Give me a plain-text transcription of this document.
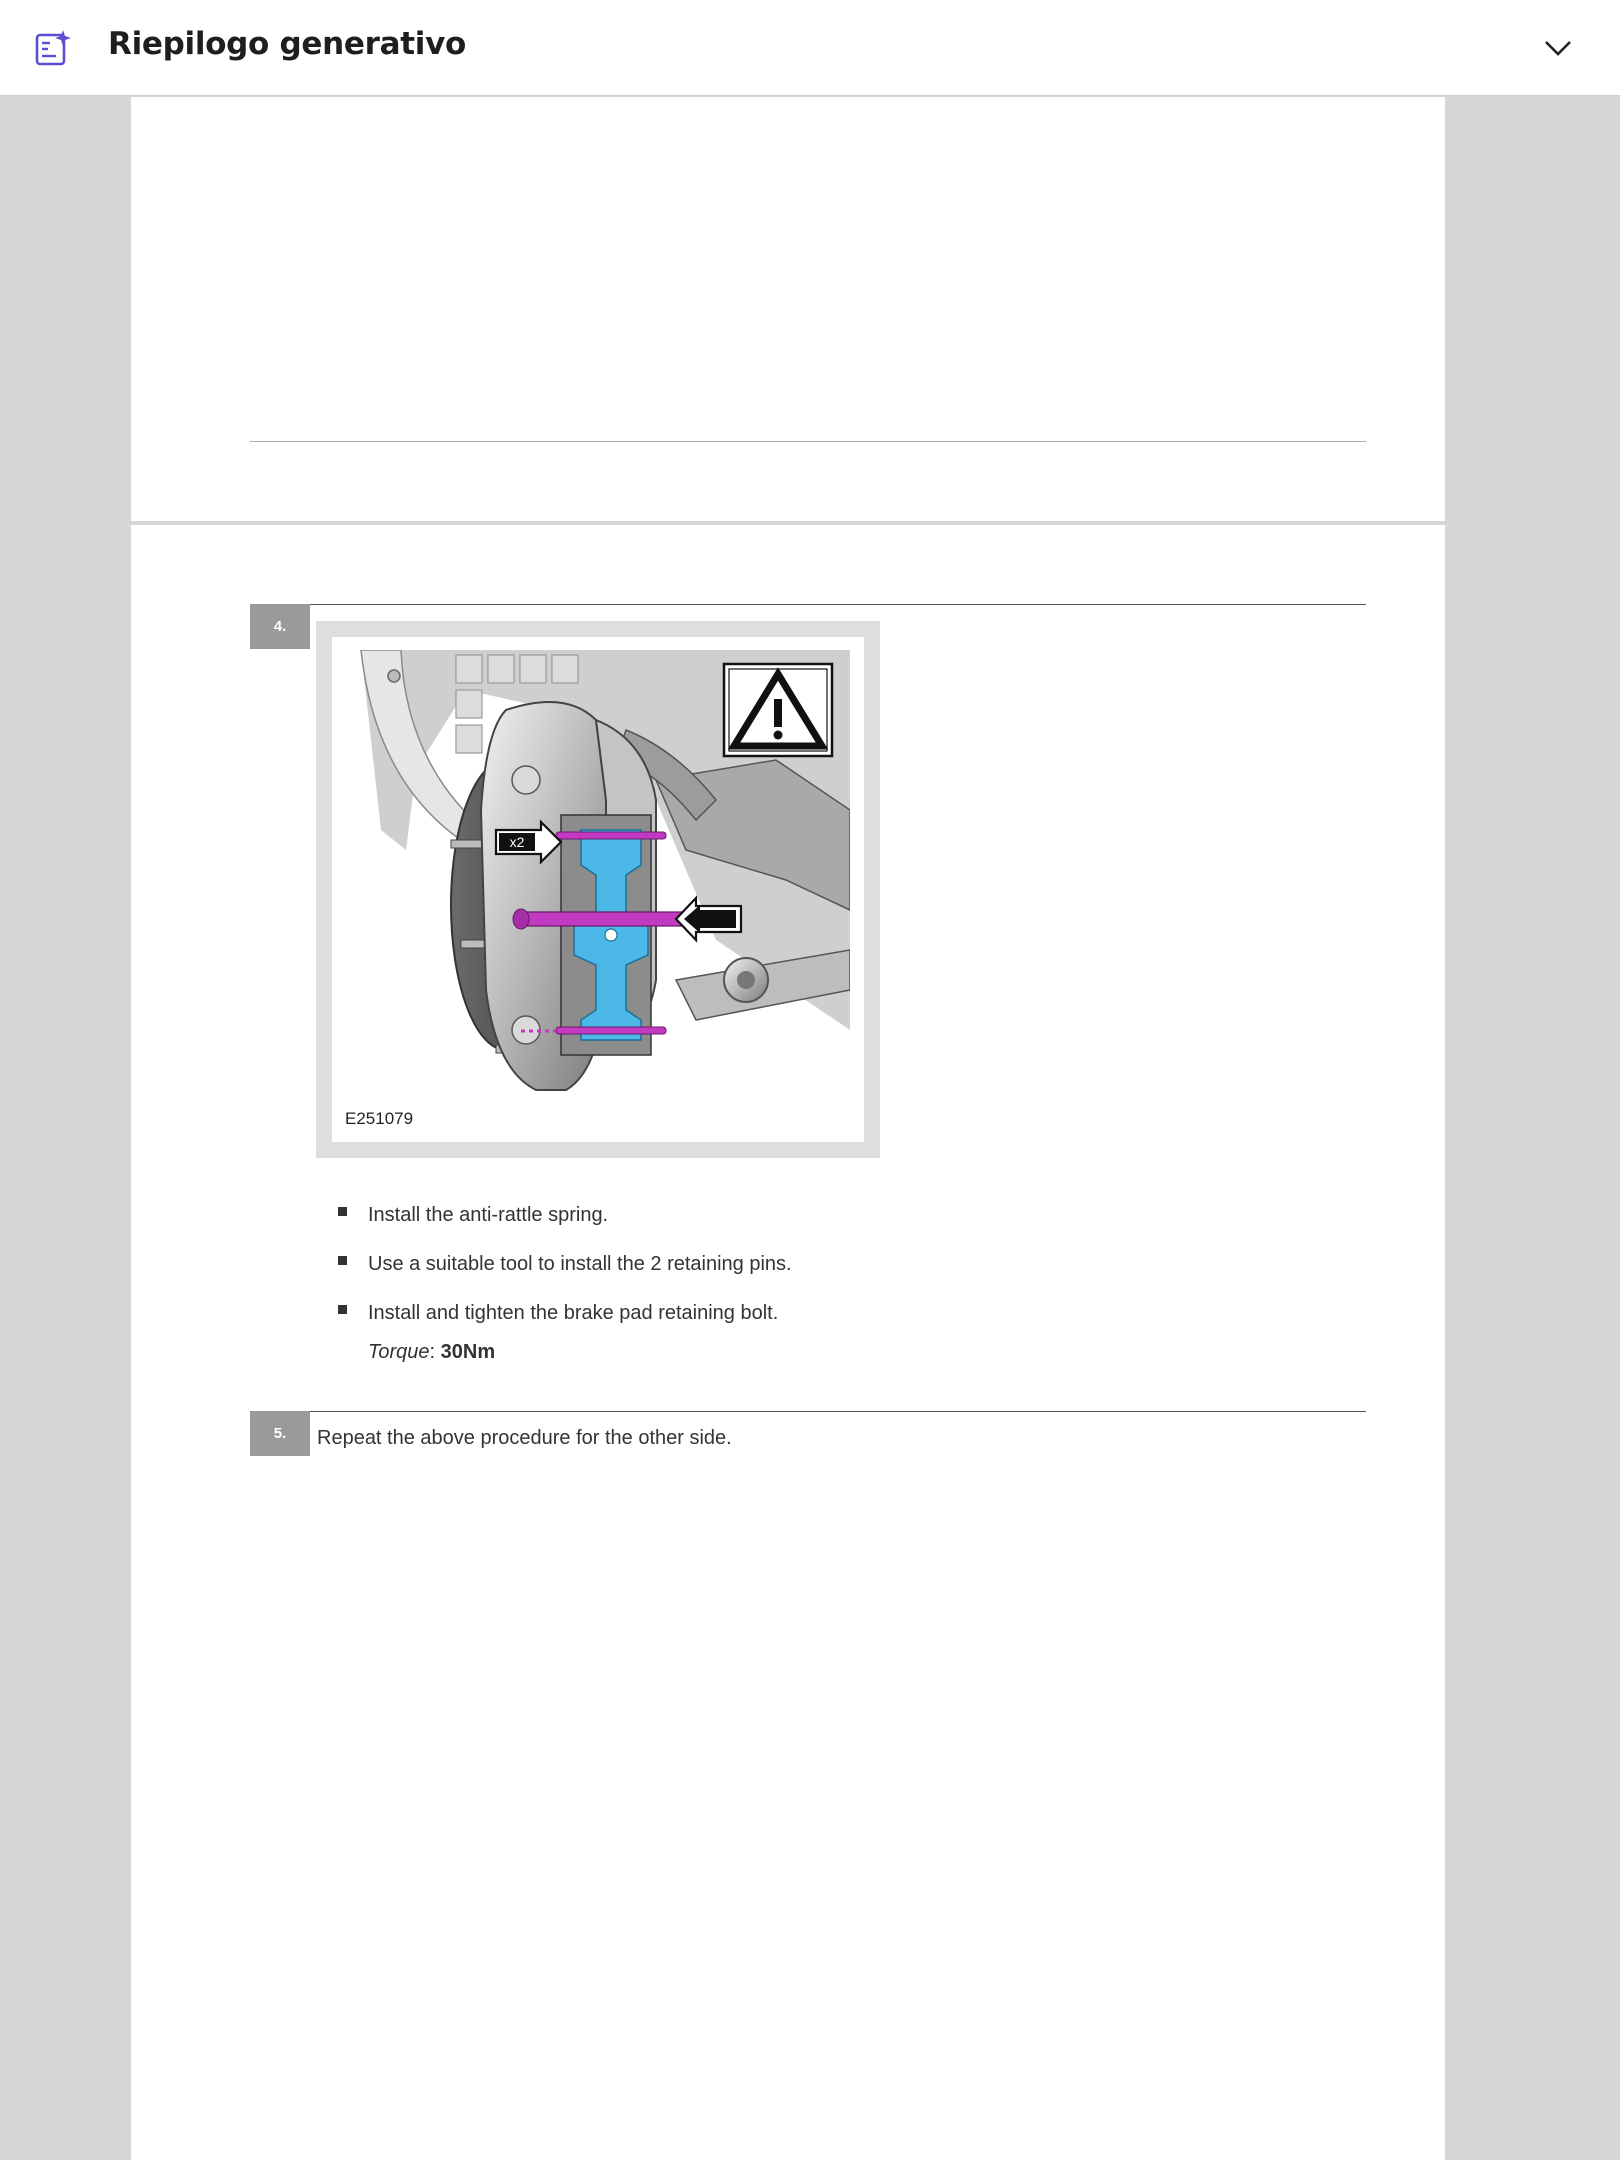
Riepilogo generativo
4.
x2
E251079
Install the anti-rattle spring.
Use a suitable tool to install the 2 retaining pins.
Install and tighten the brake pad retaining bolt.
Torque: 30Nm
5.	Repeat the above procedure for the other side.
